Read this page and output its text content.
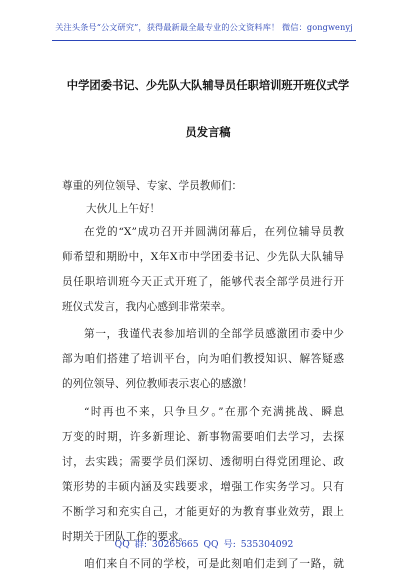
关注头条号“公文研究”，获得最新最全最专业的公文资料库！ 微信：gongwenyj
中学团委书记、少先队大队辅导员任职培训班开班仪式学
员发言稿
尊重的列位领导、专家、学员教师们：
大伙儿上午好！
在党的“X”成功召开并圆满闭幕后，在列位辅导员教
师希望和期盼中，X年X市中学团委书记、少先队大队辅导
员任职培训班今天正式开班了，能够代表全部学员进行开
班仪式发言，我内心感到非常荣幸。
第一，我谨代表参加培训的全部学员感激团市委中少
部为咱们搭建了培训平台，向为咱们教授知识、解答疑惑
的列位领导、列位教师表示衷心的感激！
“时再也不来，只争旦夕。”在那个充满挑战、瞬息
万变的时期，许多新理论、新事物需要咱们去学习，去探
讨，去实践；需要学员们深切、透彻明白得党团理论、政
策形势的丰硕内涵及实践要求，增强工作实务学习。只有
不断学习和充实自己，才能更好的为教育事业效劳，跟上
时期关于团队工作的要求。
咱们来自不同的学校，可是此刻咱们走到了一路，就
QQ 群: 30265665 QQ 号: 535304092
